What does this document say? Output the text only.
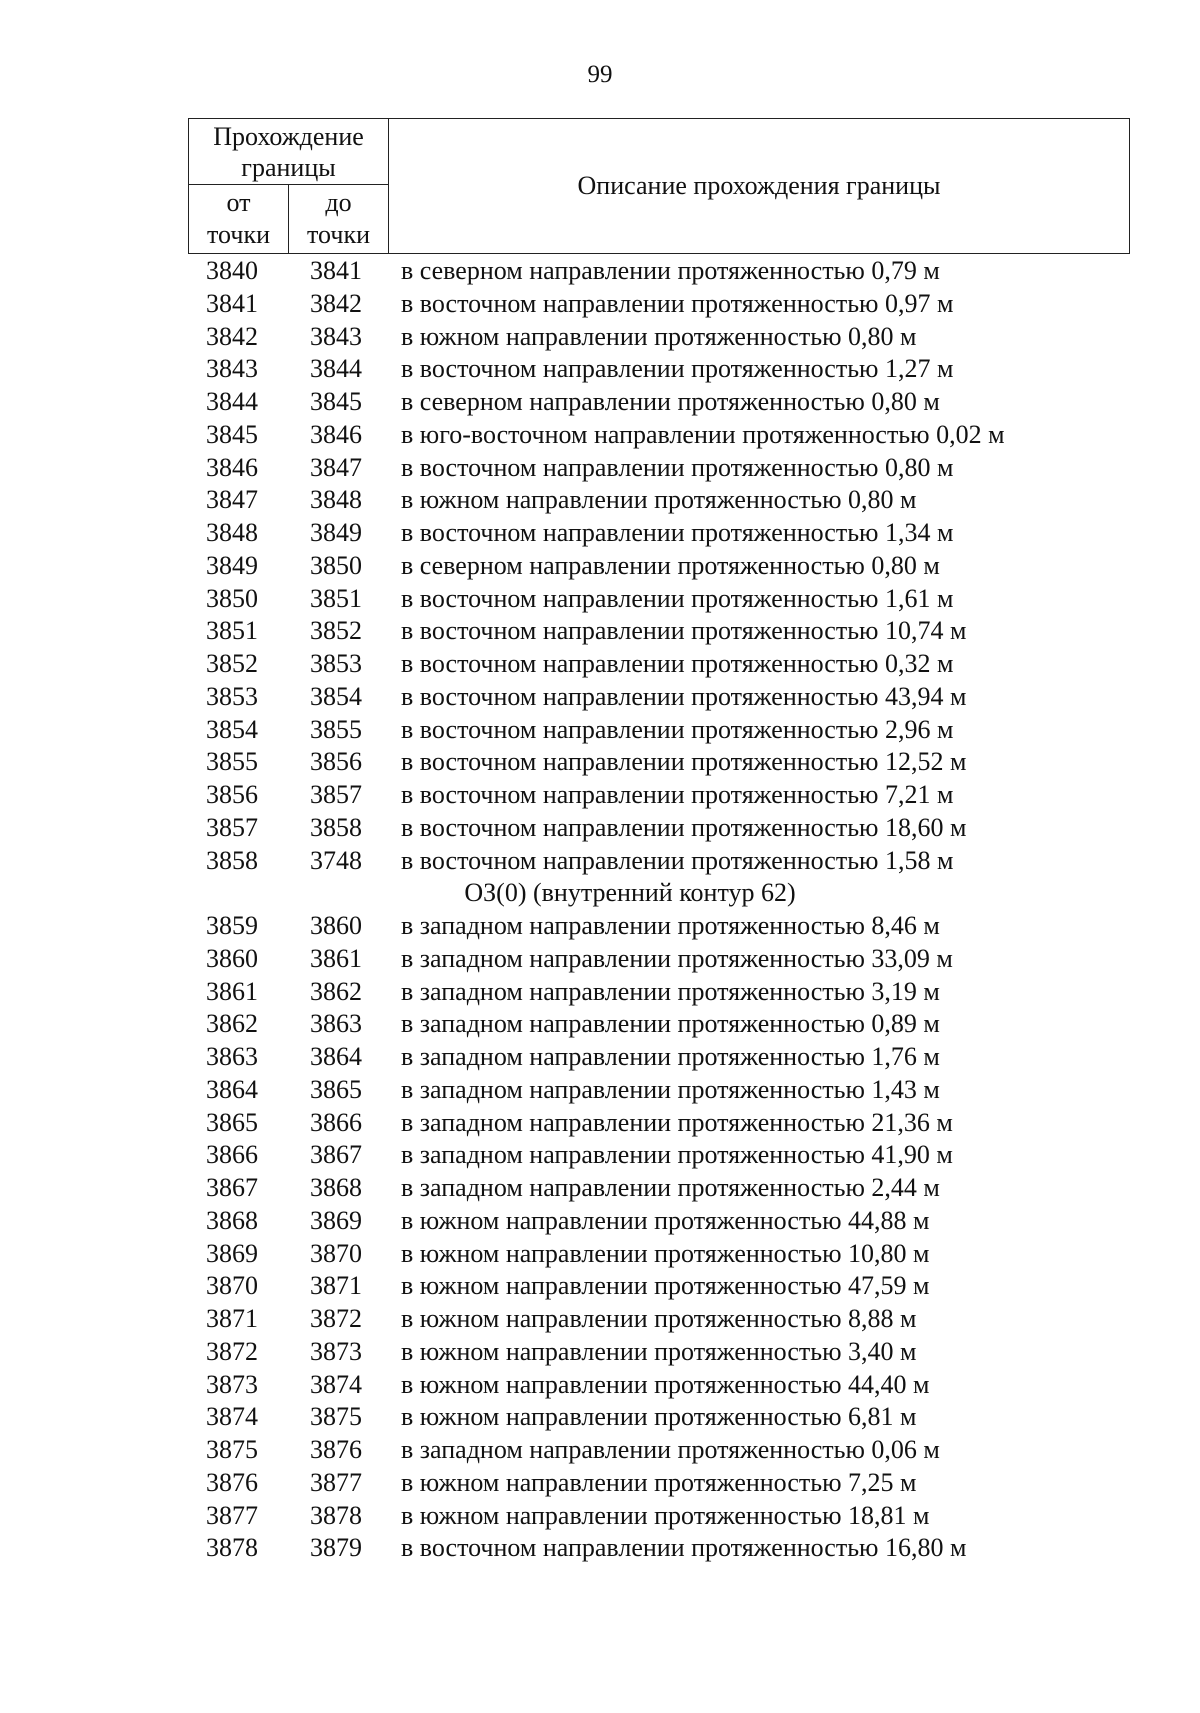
99
Прохождение
границы
от
точки
до
точки
Описание прохождения границы
3840	3841	в северном направлении протяженностью 0,79 м
3841	3842	в восточном направлении протяженностью 0,97 м
3842	3843	в южном направлении протяженностью 0,80 м
3843	3844	в восточном направлении протяженностью 1,27 м
3844	3845	в северном направлении протяженностью 0,80 м
3845	3846	в юго-восточном направлении протяженностью 0,02 м
3846	3847	в восточном направлении протяженностью 0,80 м
3847	3848	в южном направлении протяженностью 0,80 м
3848	3849	в восточном направлении протяженностью 1,34 м
3849	3850	в северном направлении протяженностью 0,80 м
3850	3851	в восточном направлении протяженностью 1,61 м
3851	3852	в восточном направлении протяженностью 10,74 м
3852	3853	в восточном направлении протяженностью 0,32 м
3853	3854	в восточном направлении протяженностью 43,94 м
3854	3855	в восточном направлении протяженностью 2,96 м
3855	3856	в восточном направлении протяженностью 12,52 м
3856	3857	в восточном направлении протяженностью 7,21 м
3857	3858	в восточном направлении протяженностью 18,60 м
3858	3748	в восточном направлении протяженностью 1,58 м
ОЗ(0) (внутренний контур 62)
3859	3860	в западном направлении протяженностью 8,46 м
3860	3861	в западном направлении протяженностью 33,09 м
3861	3862	в западном направлении протяженностью 3,19 м
3862	3863	в западном направлении протяженностью 0,89 м
3863	3864	в западном направлении протяженностью 1,76 м
3864	3865	в западном направлении протяженностью 1,43 м
3865	3866	в западном направлении протяженностью 21,36 м
3866	3867	в западном направлении протяженностью 41,90 м
3867	3868	в западном направлении протяженностью 2,44 м
3868	3869	в южном направлении протяженностью 44,88 м
3869	3870	в южном направлении протяженностью 10,80 м
3870	3871	в южном направлении протяженностью 47,59 м
3871	3872	в южном направлении протяженностью 8,88 м
3872	3873	в южном направлении протяженностью 3,40 м
3873	3874	в южном направлении протяженностью 44,40 м
3874	3875	в южном направлении протяженностью 6,81 м
3875	3876	в западном направлении протяженностью 0,06 м
3876	3877	в южном направлении протяженностью 7,25 м
3877	3878	в южном направлении протяженностью 18,81 м
3878	3879	в восточном направлении протяженностью 16,80 м
